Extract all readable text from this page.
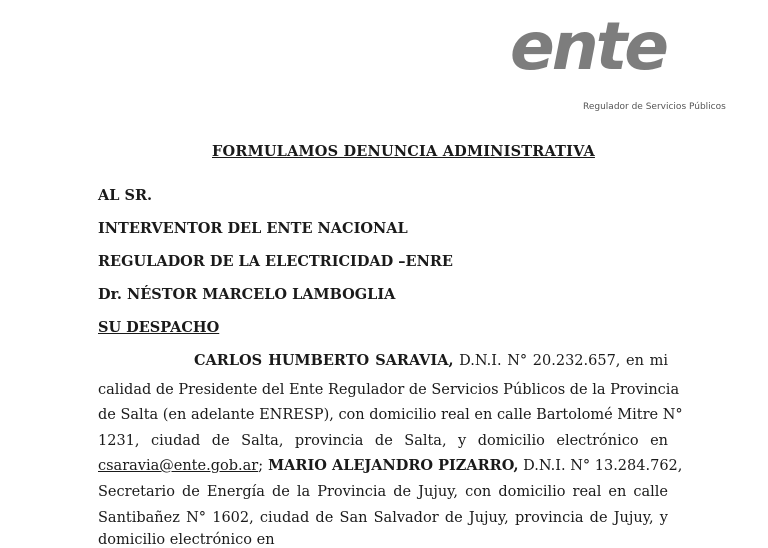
ente
Regulador de Servicios Públicos
FORMULAMOS DENUNCIA ADMINISTRATIVA
AL SR.
INTERVENTOR DEL ENTE NACIONAL
REGULADOR DE LA ELECTRICIDAD –ENRE
Dr. NÉSTOR MARCELO LAMBOGLIA
SU DESPACHO
CARLOS HUMBERTO SARAVIA, D.N.I. N° 20.232.657, en mi
calidad de Presidente del Ente Regulador de Servicios Públicos de la Provincia
de Salta (en adelante ENRESP), con domicilio real en calle Bartolomé Mitre N°
1231, ciudad de Salta, provincia de Salta, y domicilio electrónico en
csaravia@ente.gob.ar; MARIO ALEJANDRO PIZARRO, D.N.I. N° 13.284.762,
Secretario de Energía de la Provincia de Jujuy, con domicilio real en calle
Santibañez N° 1602, ciudad de San Salvador de Jujuy, provincia de Jujuy, y
domicilio electrónico en
